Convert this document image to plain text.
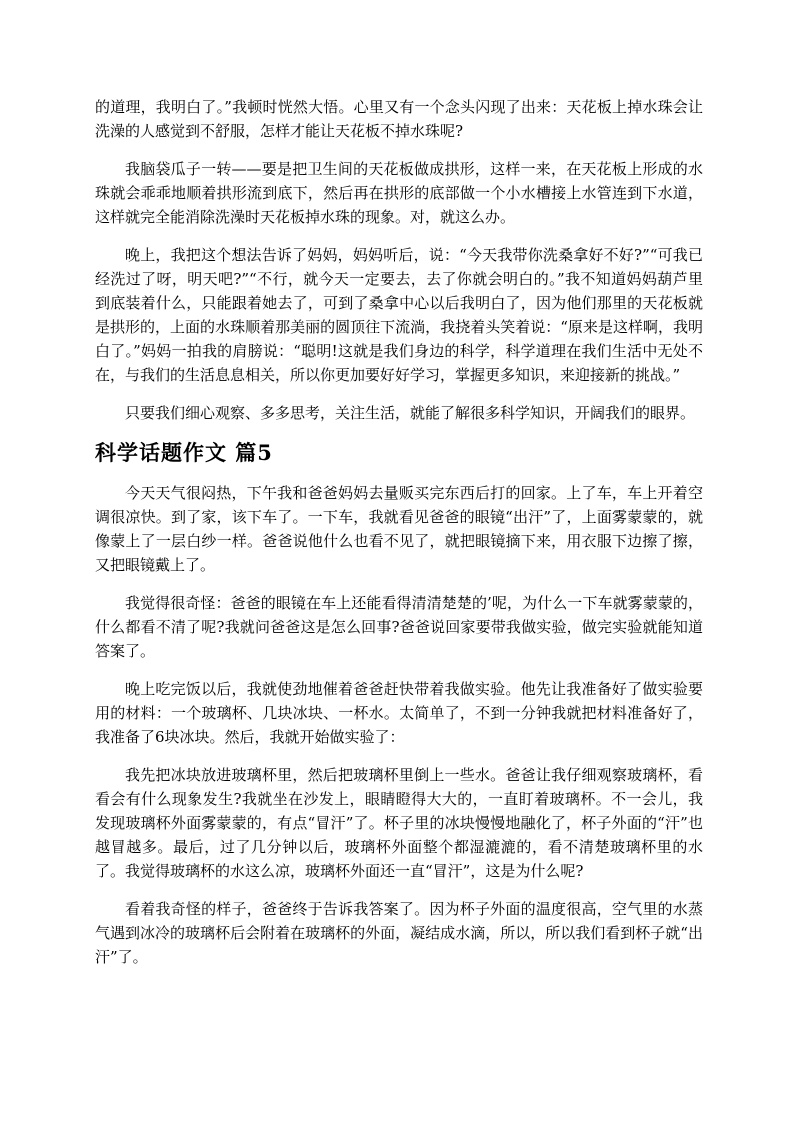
的道理，我明白了。”我顿时恍然大悟。心里又有一个念头闪现了出来：天花板上掉水珠会让洗澡的人感觉到不舒服，怎样才能让天花板不掉水珠呢?

我脑袋瓜子一转——要是把卫生间的天花板做成拱形，这样一来，在天花板上形成的水珠就会乖乖地顺着拱形流到底下，然后再在拱形的底部做一个小水槽接上水管连到下水道，这样就完全能消除洗澡时天花板掉水珠的现象。对，就这么办。

晚上，我把这个想法告诉了妈妈，妈妈听后，说：“今天我带你洗桑拿好不好?”“可我已经洗过了呀，明天吧?”“不行，就今天一定要去，去了你就会明白的。”我不知道妈妈葫芦里到底装着什么，只能跟着她去了，可到了桑拿中心以后我明白了，因为他们那里的天花板就是拱形的，上面的水珠顺着那美丽的圆顶往下流淌，我挠着头笑着说：“原来是这样啊，我明白了。”妈妈一拍我的肩膀说：“聪明!这就是我们身边的科学，科学道理在我们生活中无处不在，与我们的生活息息相关，所以你更加要好好学习，掌握更多知识，来迎接新的挑战。”

只要我们细心观察、多多思考，关注生活，就能了解很多科学知识，开阔我们的眼界。

科学话题作文 篇5

今天天气很闷热，下午我和爸爸妈妈去量贩买完东西后打的回家。上了车，车上开着空调很凉快。到了家，该下车了。一下车，我就看见爸爸的眼镜“出汗”了，上面雾蒙蒙的，就像蒙上了一层白纱一样。爸爸说他什么也看不见了，就把眼镜摘下来，用衣服下边擦了擦，又把眼镜戴上了。

我觉得很奇怪：爸爸的眼镜在车上还能看得清清楚楚的’呢，为什么一下车就雾蒙蒙的，什么都看不清了呢?我就问爸爸这是怎么回事?爸爸说回家要带我做实验，做完实验就能知道答案了。

晚上吃完饭以后，我就使劲地催着爸爸赶快带着我做实验。他先让我准备好了做实验要用的材料：一个玻璃杯、几块冰块、一杯水。太简单了，不到一分钟我就把材料准备好了，我准备了6块冰块。然后，我就开始做实验了：

我先把冰块放进玻璃杯里，然后把玻璃杯里倒上一些水。爸爸让我仔细观察玻璃杯，看看会有什么现象发生?我就坐在沙发上，眼睛瞪得大大的，一直盯着玻璃杯。不一会儿，我发现玻璃杯外面雾蒙蒙的，有点“冒汗”了。杯子里的冰块慢慢地融化了，杯子外面的“汗”也越冒越多。最后，过了几分钟以后，玻璃杯外面整个都湿漉漉的，看不清楚玻璃杯里的水了。我觉得玻璃杯的水这么凉，玻璃杯外面还一直“冒汗”，这是为什么呢?

看着我奇怪的样子，爸爸终于告诉我答案了。因为杯子外面的温度很高，空气里的水蒸气遇到冰冷的玻璃杯后会附着在玻璃杯的外面，凝结成水滴，所以，所以我们看到杯子就“出汗”了。
